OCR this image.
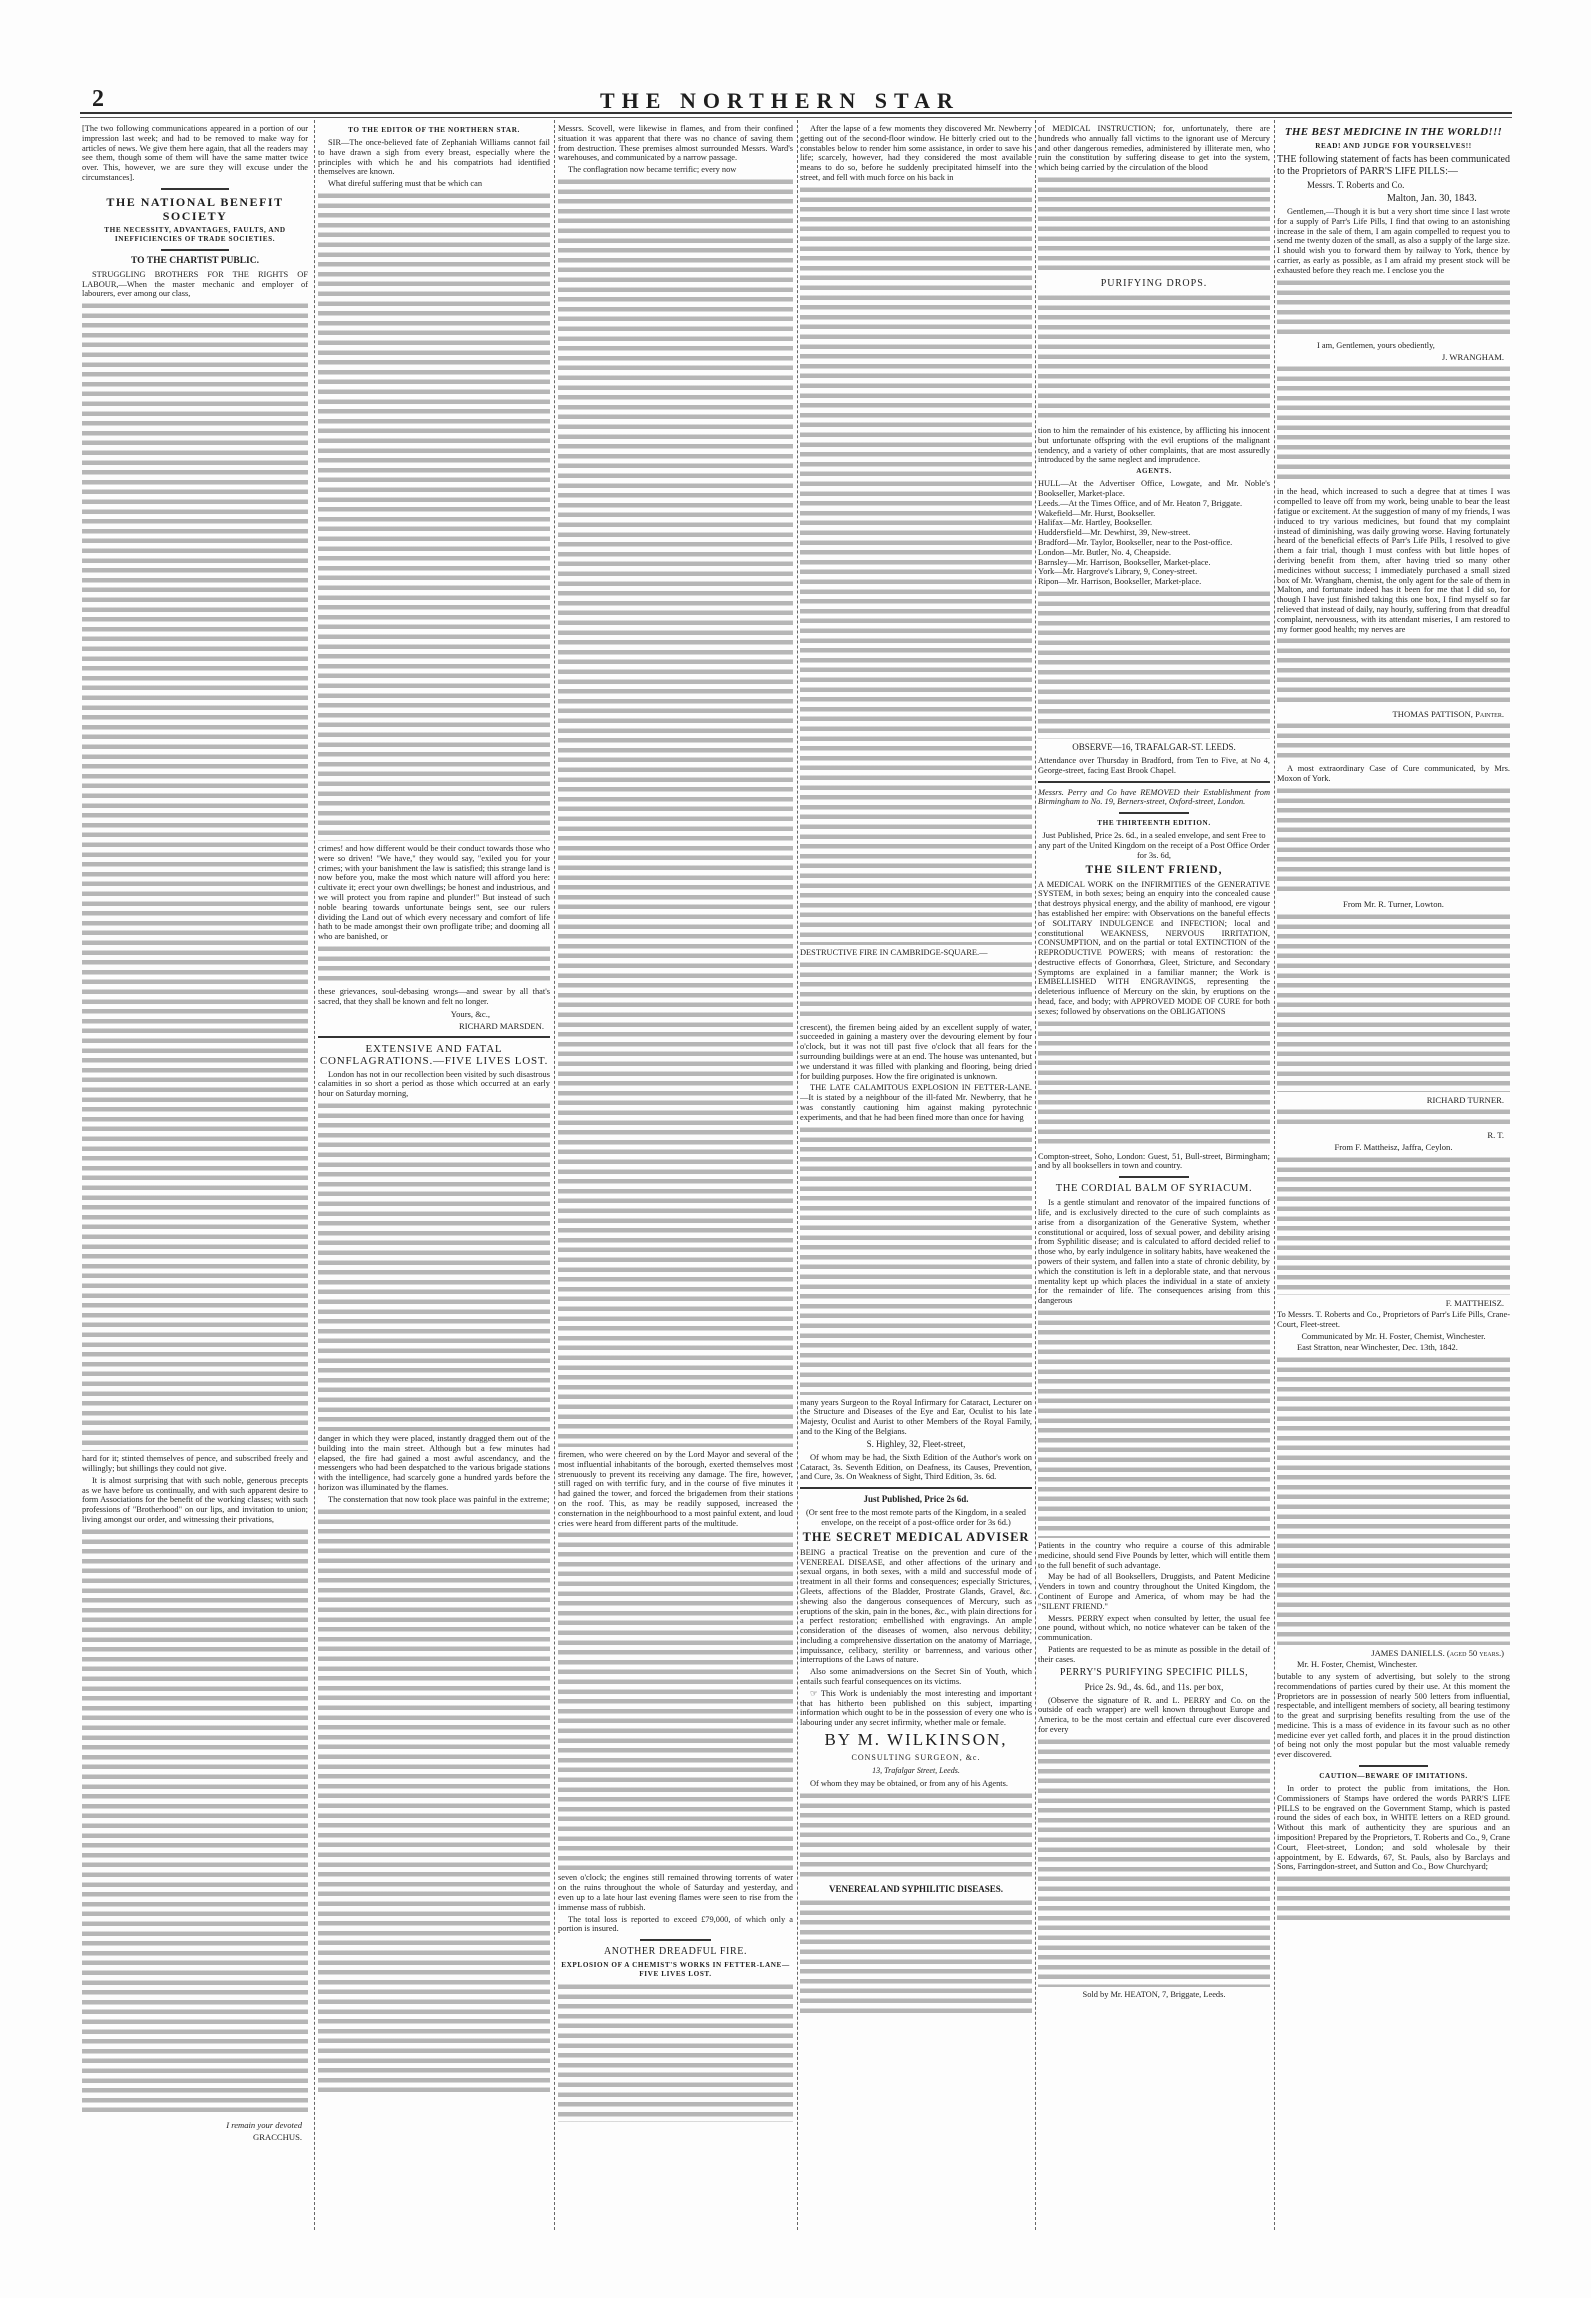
2	THE NORTHERN STAR
[The two following communications appeared in a portion of our impression last week; and had to be removed to make way for articles of news. We give them here again, that all the readers may see them, though some of them will have the same matter twice over. This, however, we are sure they will excuse under the circumstances].
THE NATIONAL BENEFIT SOCIETY
THE NECESSITY, ADVANTAGES, FAULTS, AND INEFFICIENCIES OF TRADE SOCIETIES.
TO THE CHARTIST PUBLIC.
STRUGGLING BROTHERS FOR THE RIGHTS OF LABOUR,—When the master mechanic and employer of labourers, ever among our class,
hard for it; stinted themselves of pence, and subscribed freely and willingly; but shillings they could not give.
It is almost surprising that with such noble, generous precepts as we have before us continually, and with such apparent desire to form Associations for the benefit of the working classes; with such professions of "Brotherhood" on our lips, and invitation to union; living amongst our order, and witnessing their privations,
I remain your devoted
GRACCHUS.
TO THE EDITOR OF THE NORTHERN STAR.
SIR—The once-believed fate of Zephaniah Williams cannot fail to have drawn a sigh from every breast, especially where the principles with which he and his compatriots had identified themselves are known.
What direful suffering must that be which can
crimes! and how different would be their conduct towards those who were so driven! "We have," they would say, "exiled you for your crimes; with your banishment the law is satisfied; this strange land is now before you, make the most which nature will afford you here: cultivate it; erect your own dwellings; be honest and industrious, and we will protect you from rapine and plunder!" But instead of such noble bearing towards unfortunate beings sent, see our rulers dividing the Land out of which every necessary and comfort of life hath to be made amongst their own profligate tribe; and dooming all who are banished, or
these grievances, soul-debasing wrongs—and swear by all that's sacred, that they shall be known and felt no longer.
Yours, &c.,
RICHARD MARSDEN.
EXTENSIVE AND FATAL CONFLAGRATIONS.—FIVE LIVES LOST.
London has not in our recollection been visited by such disastrous calamities in so short a period as those which occurred at an early hour on Saturday morning,
danger in which they were placed, instantly dragged them out of the building into the main street. Although but a few minutes had elapsed, the fire had gained a most awful ascendancy, and the messengers who had been despatched to the various brigade stations with the intelligence, had scarcely gone a hundred yards before the horizon was illuminated by the flames.
The consternation that now took place was painful in the extreme;
Messrs. Scovell, were likewise in flames, and from their confined situation it was apparent that there was no chance of saving them from destruction. These premises almost surrounded Messrs. Ward's warehouses, and communicated by a narrow passage.
The conflagration now became terrific; every now
firemen, who were cheered on by the Lord Mayor and several of the most influential inhabitants of the borough, exerted themselves most strenuously to prevent its receiving any damage. The fire, however, still raged on with terrific fury, and in the course of five minutes it had gained the tower, and forced the brigademen from their stations on the roof. This, as may be readily supposed, increased the consternation in the neighbourhood to a most painful extent, and loud cries were heard from different parts of the multitude.
seven o'clock; the engines still remained throwing torrents of water on the ruins throughout the whole of Saturday and yesterday, and even up to a late hour last evening flames were seen to rise from the immense mass of rubbish.
The total loss is reported to exceed £79,000, of which only a portion is insured.
ANOTHER DREADFUL FIRE.
EXPLOSION OF A CHEMIST'S WORKS IN FETTER-LANE—FIVE LIVES LOST.
After the lapse of a few moments they discovered Mr. Newberry getting out of the second-floor window. He bitterly cried out to the constables below to render him some assistance, in order to save his life; scarcely, however, had they considered the most available means to do so, before he suddenly precipitated himself into the street, and fell with much force on his back in
DESTRUCTIVE FIRE IN CAMBRIDGE-SQUARE.—
crescent), the firemen being aided by an excellent supply of water, succeeded in gaining a mastery over the devouring element by four o'clock, but it was not till past five o'clock that all fears for the surrounding buildings were at an end. The house was untenanted, but we understand it was filled with planking and flooring, being dried for building purposes. How the fire originated is unknown.
THE LATE CALAMITOUS EXPLOSION IN FETTER-LANE.—It is stated by a neighbour of the ill-fated Mr. Newberry, that he was constantly cautioning him against making pyrotechnic experiments, and that he had been fined more than once for having
many years Surgeon to the Royal Infirmary for Cataract, Lecturer on the Structure and Diseases of the Eye and Ear, Oculist to his late Majesty, Oculist and Aurist to other Members of the Royal Family, and to the King of the Belgians.
S. Highley, 32, Fleet-street,
Of whom may be had, the Sixth Edition of the Author's work on Cataract, 3s. Seventh Edition, on Deafness, its Causes, Prevention, and Cure, 3s. On Weakness of Sight, Third Edition, 3s. 6d.
Just Published, Price 2s 6d.
(Or sent free to the most remote parts of the Kingdom, in a sealed envelope, on the receipt of a post-office order for 3s 6d.)
THE SECRET MEDICAL ADVISER
BEING a practical Treatise on the prevention and cure of the VENEREAL DISEASE, and other affections of the urinary and sexual organs, in both sexes, with a mild and successful mode of treatment in all their forms and consequences; especially Strictures, Gleets, affections of the Bladder, Prostrate Glands, Gravel, &c. shewing also the dangerous consequences of Mercury, such as eruptions of the skin, pain in the bones, &c., with plain directions for a perfect restoration; embellished with engravings. An ample consideration of the diseases of women, also nervous debility; including a comprehensive dissertation on the anatomy of Marriage, impuissance, celibacy, sterility or barrenness, and various other interruptions of the Laws of nature.
Also some animadversions on the Secret Sin of Youth, which entails such fearful consequences on its victims.
☞ This Work is undeniably the most interesting and important that has hitherto been published on this subject, imparting information which ought to be in the possession of every one who is labouring under any secret infirmity, whether male or female.
BY M. WILKINSON,
CONSULTING SURGEON, &c.
13, Trafalgar Street, Leeds.
Of whom they may be obtained, or from any of his Agents.
VENEREAL AND SYPHILITIC DISEASES.
of MEDICAL INSTRUCTION; for, unfortunately, there are hundreds who annually fall victims to the ignorant use of Mercury and other dangerous remedies, administered by illiterate men, who ruin the constitution by suffering disease to get into the system, which being carried by the circulation of the blood
PURIFYING DROPS.
tion to him the remainder of his existence, by afflicting his innocent but unfortunate offspring with the evil eruptions of the malignant tendency, and a variety of other complaints, that are most assuredly introduced by the same neglect and imprudence.
AGENTS.
HULL—At the Advertiser Office, Lowgate, and Mr. Noble's Bookseller, Market-place.
Leeds.—At the Times Office, and of Mr. Heaton 7, Briggate.
Wakefield—Mr. Hurst, Bookseller.
Halifax—Mr. Hartley, Bookseller.
Huddersfield—Mr. Dewhirst, 39, New-street.
Bradford—Mr. Taylor, Bookseller, near to the Post-office.
London—Mr. Butler, No. 4, Cheapside.
Barnsley—Mr. Harrison, Bookseller, Market-place.
York—Mr. Hargrove's Library, 9, Coney-street.
Ripon—Mr. Harrison, Bookseller, Market-place.
OBSERVE—16, TRAFALGAR-ST. LEEDS.
Attendance over Thursday in Bradford, from Ten to Five, at No 4, George-street, facing East Brook Chapel.
Messrs. Perry and Co have REMOVED their Establishment from Birmingham to No. 19, Berners-street, Oxford-street, London.
THE THIRTEENTH EDITION.
Just Published, Price 2s. 6d., in a sealed envelope, and sent Free to any part of the United Kingdom on the receipt of a Post Office Order for 3s. 6d,
THE SILENT FRIEND,
A MEDICAL WORK on the INFIRMITIES of the GENERATIVE SYSTEM, in both sexes; being an enquiry into the concealed cause that destroys physical energy, and the ability of manhood, ere vigour has established her empire: with Observations on the baneful effects of SOLITARY INDULGENCE and INFECTION; local and constitutional WEAKNESS, NERVOUS IRRITATION, CONSUMPTION, and on the partial or total EXTINCTION of the REPRODUCTIVE POWERS; with means of restoration: the destructive effects of Gonorrhœa, Gleet, Stricture, and Secondary Symptoms are explained in a familiar manner; the Work is EMBELLISHED WITH ENGRAVINGS, representing the deleterious influence of Mercury on the skin, by eruptions on the head, face, and body; with APPROVED MODE OF CURE for both sexes; followed by observations on the OBLIGATIONS
Compton-street, Soho, London: Guest, 51, Bull-street, Birmingham; and by all booksellers in town and country.
THE CORDIAL BALM OF SYRIACUM.
Is a gentle stimulant and renovator of the impaired functions of life, and is exclusively directed to the cure of such complaints as arise from a disorganization of the Generative System, whether constitutional or acquired, loss of sexual power, and debility arising from Syphilitic disease; and is calculated to afford decided relief to those who, by early indulgence in solitary habits, have weakened the powers of their system, and fallen into a state of chronic debility, by which the constitution is left in a deplorable state, and that nervous mentality kept up which places the individual in a state of anxiety for the remainder of life. The consequences arising from this dangerous
Patients in the country who require a course of this admirable medicine, should send Five Pounds by letter, which will entitle them to the full benefit of such advantage.
May be had of all Booksellers, Druggists, and Patent Medicine Venders in town and country throughout the United Kingdom, the Continent of Europe and America, of whom may be had the "SILENT FRIEND."
Messrs. PERRY expect when consulted by letter, the usual fee one pound, without which, no notice whatever can be taken of the communication.
Patients are requested to be as minute as possible in the detail of their cases.
PERRY'S PURIFYING SPECIFIC PILLS,
Price 2s. 9d., 4s. 6d., and 11s. per box,
(Observe the signature of R. and L. PERRY and Co. on the outside of each wrapper) are well known throughout Europe and America, to be the most certain and effectual cure ever discovered for every
Sold by Mr. HEATON, 7, Briggate, Leeds.
THE BEST MEDICINE IN THE WORLD!!!
READ! AND JUDGE FOR YOURSELVES!!
THE following statement of facts has been communicated to the Proprietors of PARR'S LIFE PILLS:—
Messrs. T. Roberts and Co.
Malton, Jan. 30, 1843.
Gentlemen,—Though it is but a very short time since I last wrote for a supply of Parr's Life Pills, I find that owing to an astonishing increase in the sale of them, I am again compelled to request you to send me twenty dozen of the small, as also a supply of the large size. I should wish you to forward them by railway to York, thence by carrier, as early as possible, as I am afraid my present stock will be exhausted before they reach me. I enclose you the
I am, Gentlemen, yours obediently,
J. WRANGHAM.
in the head, which increased to such a degree that at times I was compelled to leave off from my work, being unable to bear the least fatigue or excitement. At the suggestion of many of my friends, I was induced to try various medicines, but found that my complaint instead of diminishing, was daily growing worse. Having fortunately heard of the beneficial effects of Parr's Life Pills, I resolved to give them a fair trial, though I must confess with but little hopes of deriving benefit from them, after having tried so many other medicines without success; I immediately purchased a small sized box of Mr. Wrangham, chemist, the only agent for the sale of them in Malton, and fortunate indeed has it been for me that I did so, for though I have just finished taking this one box, I find myself so far relieved that instead of daily, nay hourly, suffering from that dreadful complaint, nervousness, with its attendant miseries, I am restored to my former good health; my nerves are
THOMAS PATTISON, Painter.
A most extraordinary Case of Cure communicated, by Mrs. Moxon of York.
From Mr. R. Turner, Lowton.
RICHARD TURNER.
R. T.
From F. Mattheisz, Jaffra, Ceylon.
F. MATTHEISZ.
To Messrs. T. Roberts and Co., Proprietors of Parr's Life Pills, Crane-Court, Fleet-street.
Communicated by Mr. H. Foster, Chemist, Winchester.
East Stratton, near Winchester, Dec. 13th, 1842.
JAMES DANIELLS. (aged 50 years.)
Mr. H. Foster, Chemist, Winchester.
butable to any system of advertising, but solely to the strong recommendations of parties cured by their use. At this moment the Proprietors are in possession of nearly 500 letters from influential, respectable, and intelligent members of society, all bearing testimony to the great and surprising benefits resulting from the use of the medicine. This is a mass of evidence in its favour such as no other medicine ever yet called forth, and places it in the proud distinction of being not only the most popular but the most valuable remedy ever discovered.
CAUTION—BEWARE OF IMITATIONS.
In order to protect the public from imitations, the Hon. Commissioners of Stamps have ordered the words PARR'S LIFE PILLS to be engraved on the Government Stamp, which is pasted round the sides of each box, in WHITE letters on a RED ground. Without this mark of authenticity they are spurious and an imposition! Prepared by the Proprietors, T. Roberts and Co., 9, Crane Court, Fleet-street, London; and sold wholesale by their appointment, by E. Edwards, 67, St. Pauls, also by Barclays and Sons, Farringdon-street, and Sutton and Co., Bow Churchyard;
